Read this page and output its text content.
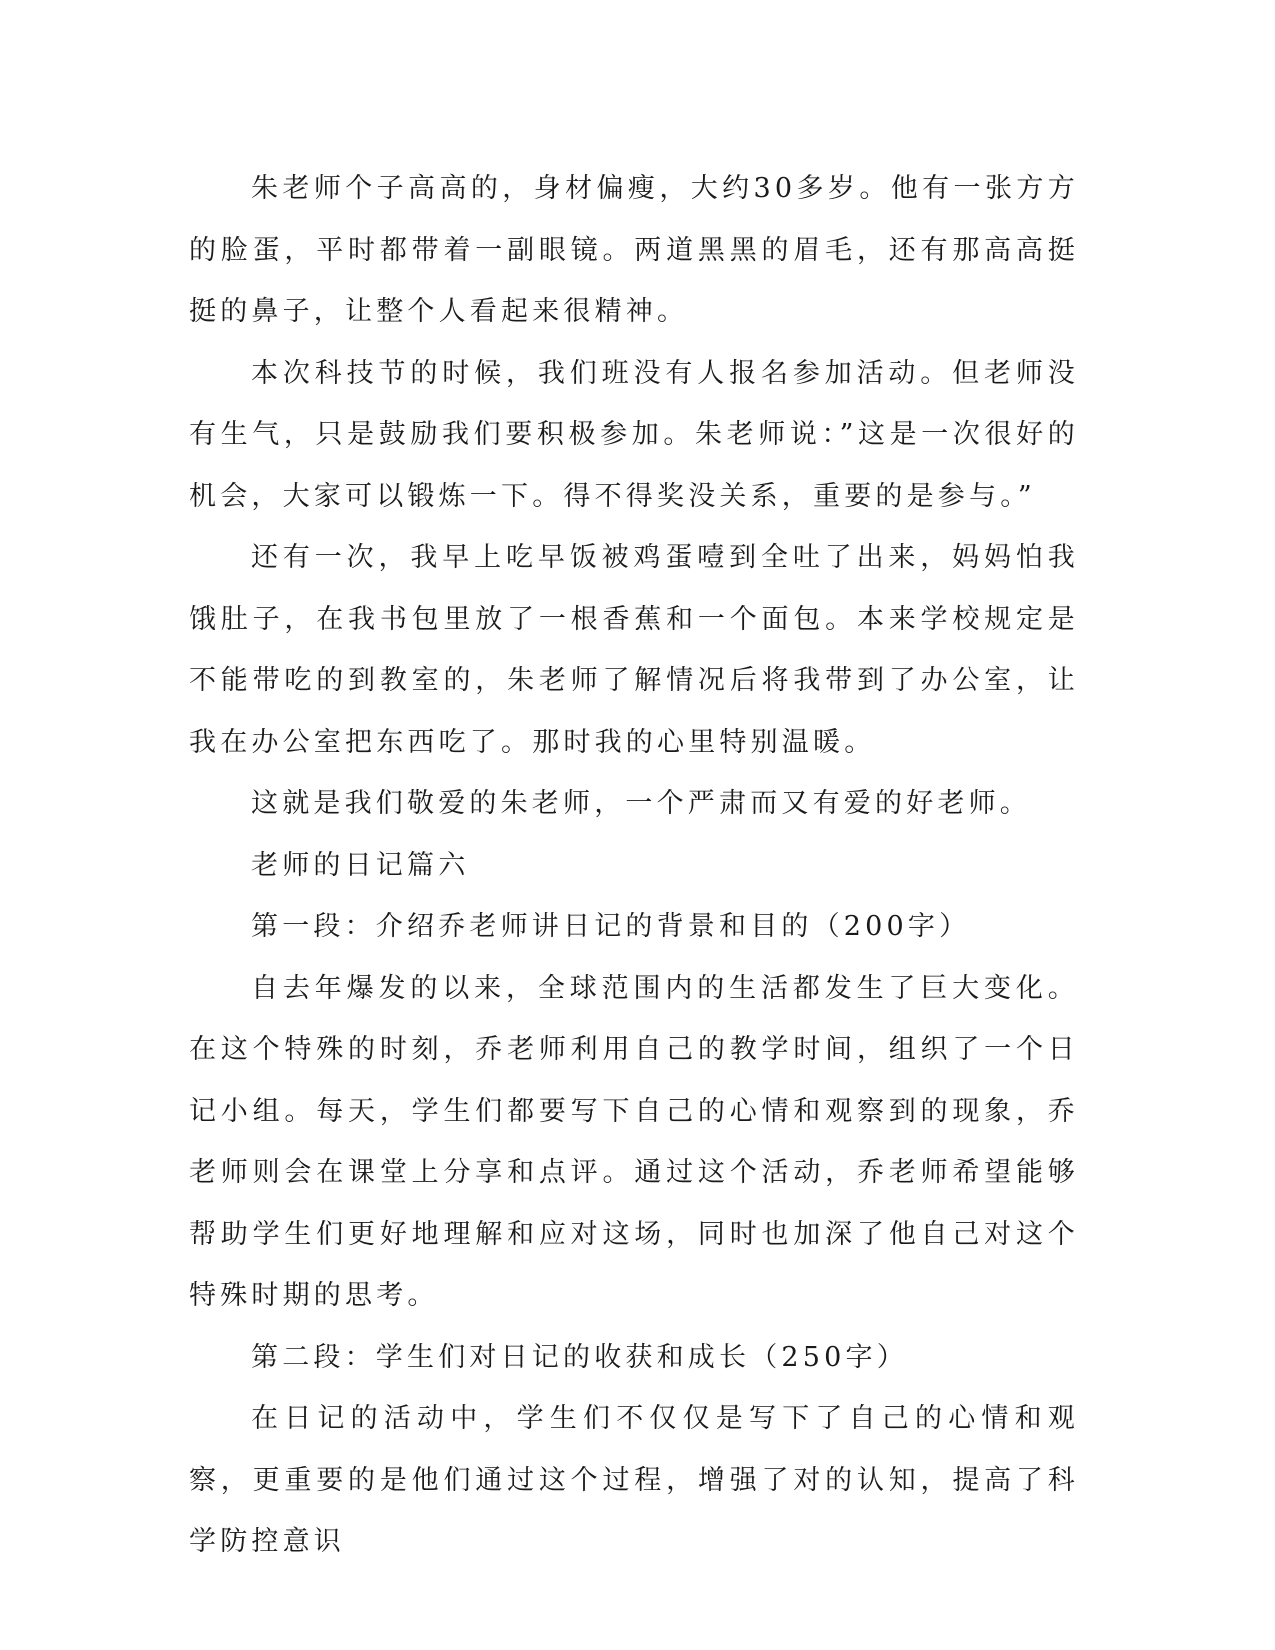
朱老师个子高高的，身材偏瘦，大约30多岁。他有一张方方的脸蛋，平时都带着一副眼镜。两道黑黑的眉毛，还有那高高挺挺的鼻子，让整个人看起来很精神。

本次科技节的时候，我们班没有人报名参加活动。但老师没有生气，只是鼓励我们要积极参加。朱老师说：”这是一次很好的机会，大家可以锻炼一下。得不得奖没关系，重要的是参与。”

还有一次，我早上吃早饭被鸡蛋噎到全吐了出来，妈妈怕我饿肚子，在我书包里放了一根香蕉和一个面包。本来学校规定是不能带吃的到教室的，朱老师了解情况后将我带到了办公室，让我在办公室把东西吃了。那时我的心里特别温暖。

这就是我们敬爱的朱老师，一个严肃而又有爱的好老师。

老师的日记篇六

第一段：介绍乔老师讲日记的背景和目的（200字）

自去年爆发的以来，全球范围内的生活都发生了巨大变化。在这个特殊的时刻，乔老师利用自己的教学时间，组织了一个日记小组。每天，学生们都要写下自己的心情和观察到的现象，乔老师则会在课堂上分享和点评。通过这个活动，乔老师希望能够帮助学生们更好地理解和应对这场，同时也加深了他自己对这个特殊时期的思考。

第二段：学生们对日记的收获和成长（250字）

在日记的活动中，学生们不仅仅是写下了自己的心情和观察，更重要的是他们通过这个过程，增强了对的认知，提高了科学防控意识
